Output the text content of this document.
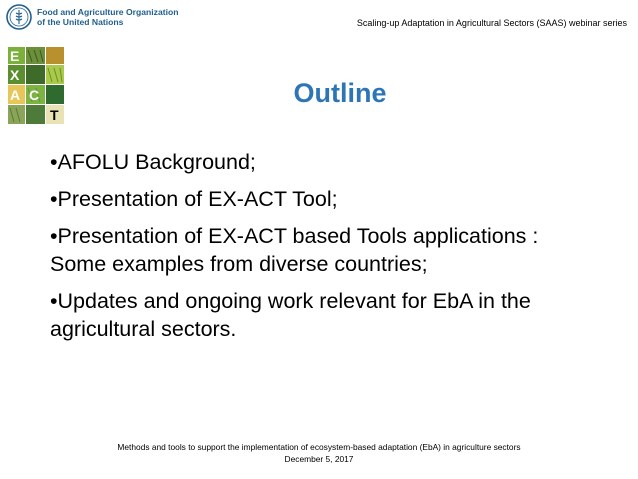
Food and Agriculture Organization
of the United Nations	Scaling-up Adaptation in Agricultural Sectors (SAAS) webinar series
E
X
A C
T
Outline
•AFOLU Background;
•Presentation of EX-ACT Tool;
•Presentation of EX-ACT based Tools applications : Some examples from diverse countries;
•Updates and ongoing work relevant for EbA in the agricultural sectors.
Methods and tools to support the implementation of ecosystem-based adaptation (EbA) in agriculture sectors
December 5, 2017
